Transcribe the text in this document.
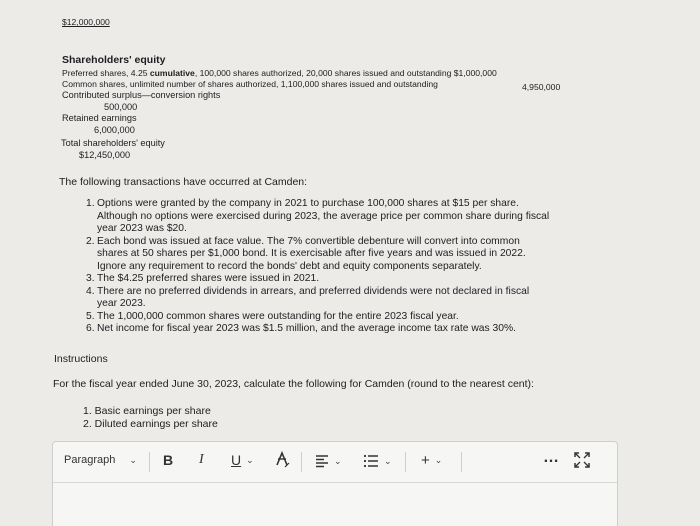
$12,000,000
Shareholders' equity
Preferred shares, 4.25 cumulative, 100,000 shares authorized, 20,000 shares issued and outstanding $1,000,000
Common shares, unlimited number of shares authorized, 1,100,000 shares issued and outstanding	4,950,000
Contributed surplus—conversion rights
500,000
Retained earnings
6,000,000
Total shareholders' equity
$12,450,000
The following transactions have occurred at Camden:
1. Options were granted by the company in 2021 to purchase 100,000 shares at $15 per share.
Although no options were exercised during 2023, the average price per common share during fiscal
year 2023 was $20.
2. Each bond was issued at face value. The 7% convertible debenture will convert into common
shares at 50 shares per $1,000 bond. It is exercisable after five years and was issued in 2022.
Ignore any requirement to record the bonds' debt and equity components separately.
3. The $4.25 preferred shares were issued in 2021.
4. There are no preferred dividends in arrears, and preferred dividends were not declared in fiscal
year 2023.
5. The 1,000,000 common shares were outstanding for the entire 2023 fiscal year.
6. Net income for fiscal year 2023 was $1.5 million, and the average income tax rate was 30%.
Instructions
For the fiscal year ended June 30, 2023, calculate the following for Camden (round to the nearest cent):
1. Basic earnings per share
2. Diluted earnings per share
Paragraph ⌄ B I U ⌄	⌄	⌄ + ⌄	…
